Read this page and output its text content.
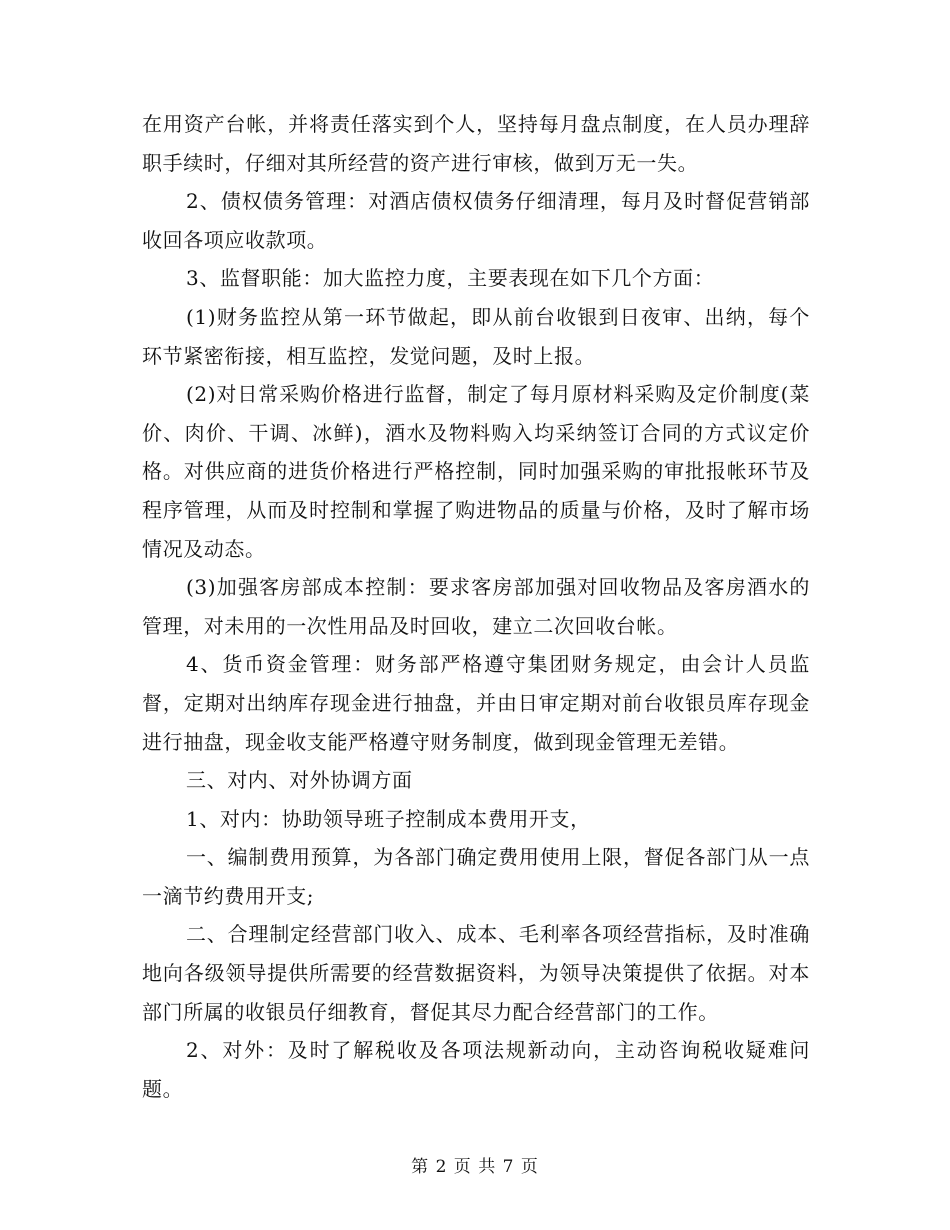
在用资产台帐，并将责任落实到个人，坚持每月盘点制度，在人员办理辞职手续时，仔细对其所经营的资产进行审核，做到万无一失。

2、债权债务管理：对酒店债权债务仔细清理，每月及时督促营销部收回各项应收款项。

3、监督职能：加大监控力度，主要表现在如下几个方面：

(1)财务监控从第一环节做起，即从前台收银到日夜审、出纳，每个环节紧密衔接，相互监控，发觉问题，及时上报。

(2)对日常采购价格进行监督，制定了每月原材料采购及定价制度(菜价、肉价、干调、冰鲜)，酒水及物料购入均采纳签订合同的方式议定价格。对供应商的进货价格进行严格控制，同时加强采购的审批报帐环节及程序管理，从而及时控制和掌握了购进物品的质量与价格，及时了解市场情况及动态。

(3)加强客房部成本控制：要求客房部加强对回收物品及客房酒水的管理，对未用的一次性用品及时回收，建立二次回收台帐。

4、货币资金管理：财务部严格遵守集团财务规定，由会计人员监督，定期对出纳库存现金进行抽盘，并由日审定期对前台收银员库存现金进行抽盘，现金收支能严格遵守财务制度，做到现金管理无差错。

三、对内、对外协调方面

1、对内：协助领导班子控制成本费用开支，

一、编制费用预算，为各部门确定费用使用上限，督促各部门从一点一滴节约费用开支;

二、合理制定经营部门收入、成本、毛利率各项经营指标，及时准确地向各级领导提供所需要的经营数据资料，为领导决策提供了依据。对本部门所属的收银员仔细教育，督促其尽力配合经营部门的工作。

2、对外：及时了解税收及各项法规新动向，主动咨询税收疑难问题。

第 2 页 共 7 页
